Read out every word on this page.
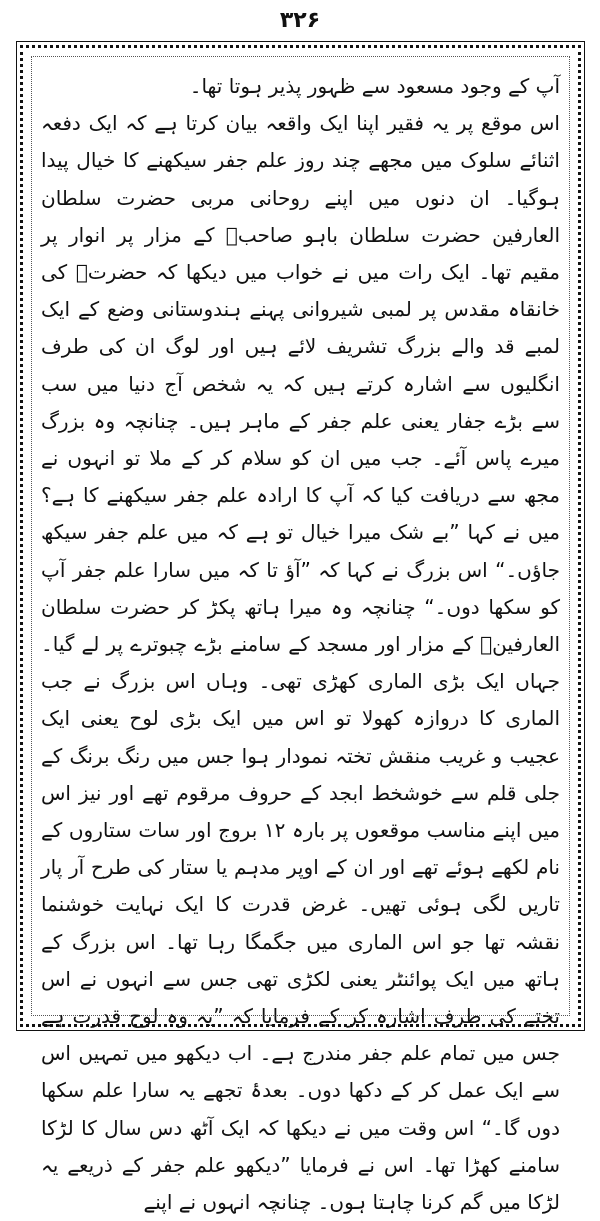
۳۲۶

آپ کے وجود مسعود سے ظہور پذیر ہوتا تھا۔

اس موقع پر یہ فقیر اپنا ایک واقعہ بیان کرتا ہے کہ ایک دفعہ اثنائے سلوک میں مجھے چند روز علم جفر سیکھنے کا خیال پیدا ہوگیا۔ ان دنوں میں اپنے روحانی مربی حضرت سلطان العارفین حضرت سلطان باہو صاحبؒ کے مزار پر انوار پر مقیم تھا۔ ایک رات میں نے خواب میں دیکھا کہ حضرتؒ کی خانقاہ مقدس پر لمبی شیروانی پہنے ہندوستانی وضع کے ایک لمبے قد والے بزرگ تشریف لائے ہیں اور لوگ ان کی طرف انگلیوں سے اشارہ کرتے ہیں کہ یہ شخص آج دنیا میں سب سے بڑے جفار یعنی علم جفر کے ماہر ہیں۔ چنانچہ وہ بزرگ میرے پاس آئے۔ جب میں ان کو سلام کر کے ملا تو انہوں نے مجھ سے دریافت کیا کہ آپ کا ارادہ علم جفر سیکھنے کا ہے؟ میں نے کہا ”بے شک میرا خیال تو ہے کہ میں علم جفر سیکھ جاؤں۔“ اس بزرگ نے کہا کہ ”آؤ تا کہ میں سارا علم جفر آپ کو سکھا دوں۔“ چنانچہ وہ میرا ہاتھ پکڑ کر حضرت سلطان العارفینؒ کے مزار اور مسجد کے سامنے بڑے چبوترے پر لے گیا۔ جہاں ایک بڑی الماری کھڑی تھی۔ وہاں اس بزرگ نے جب الماری کا دروازہ کھولا تو اس میں ایک بڑی لوح یعنی ایک عجیب و غریب منقش تختہ نمودار ہوا جس میں رنگ برنگ کے جلی قلم سے خوشخط ابجد کے حروف مرقوم تھے اور نیز اس میں اپنے مناسب موقعوں پر بارہ ۱۲ بروج اور سات ستاروں کے نام لکھے ہوئے تھے اور ان کے اوپر مدہم یا ستار کی طرح آر پار تاریں لگی ہوئی تھیں۔ غرض قدرت کا ایک نہایت خوشنما نقشہ تھا جو اس الماری میں جگمگا رہا تھا۔ اس بزرگ کے ہاتھ میں ایک پوائنٹر یعنی لکڑی تھی جس سے انہوں نے اس تختے کی طرف اشارہ کر کے فرمایا کہ ”یہ وہ لوح قدرت ہے جس میں تمام علم جفر مندرج ہے۔ اب دیکھو میں تمہیں اس سے ایک عمل کر کے دکھا دوں۔ بعدۂ تجھے یہ سارا علم سکھا دوں گا۔“ اس وقت میں نے دیکھا کہ ایک آٹھ دس سال کا لڑکا سامنے کھڑا تھا۔ اس نے فرمایا ”دیکھو علم جفر کے ذریعے یہ لڑکا میں گم کرنا چاہتا ہوں۔ چنانچہ انہوں نے اپنے
